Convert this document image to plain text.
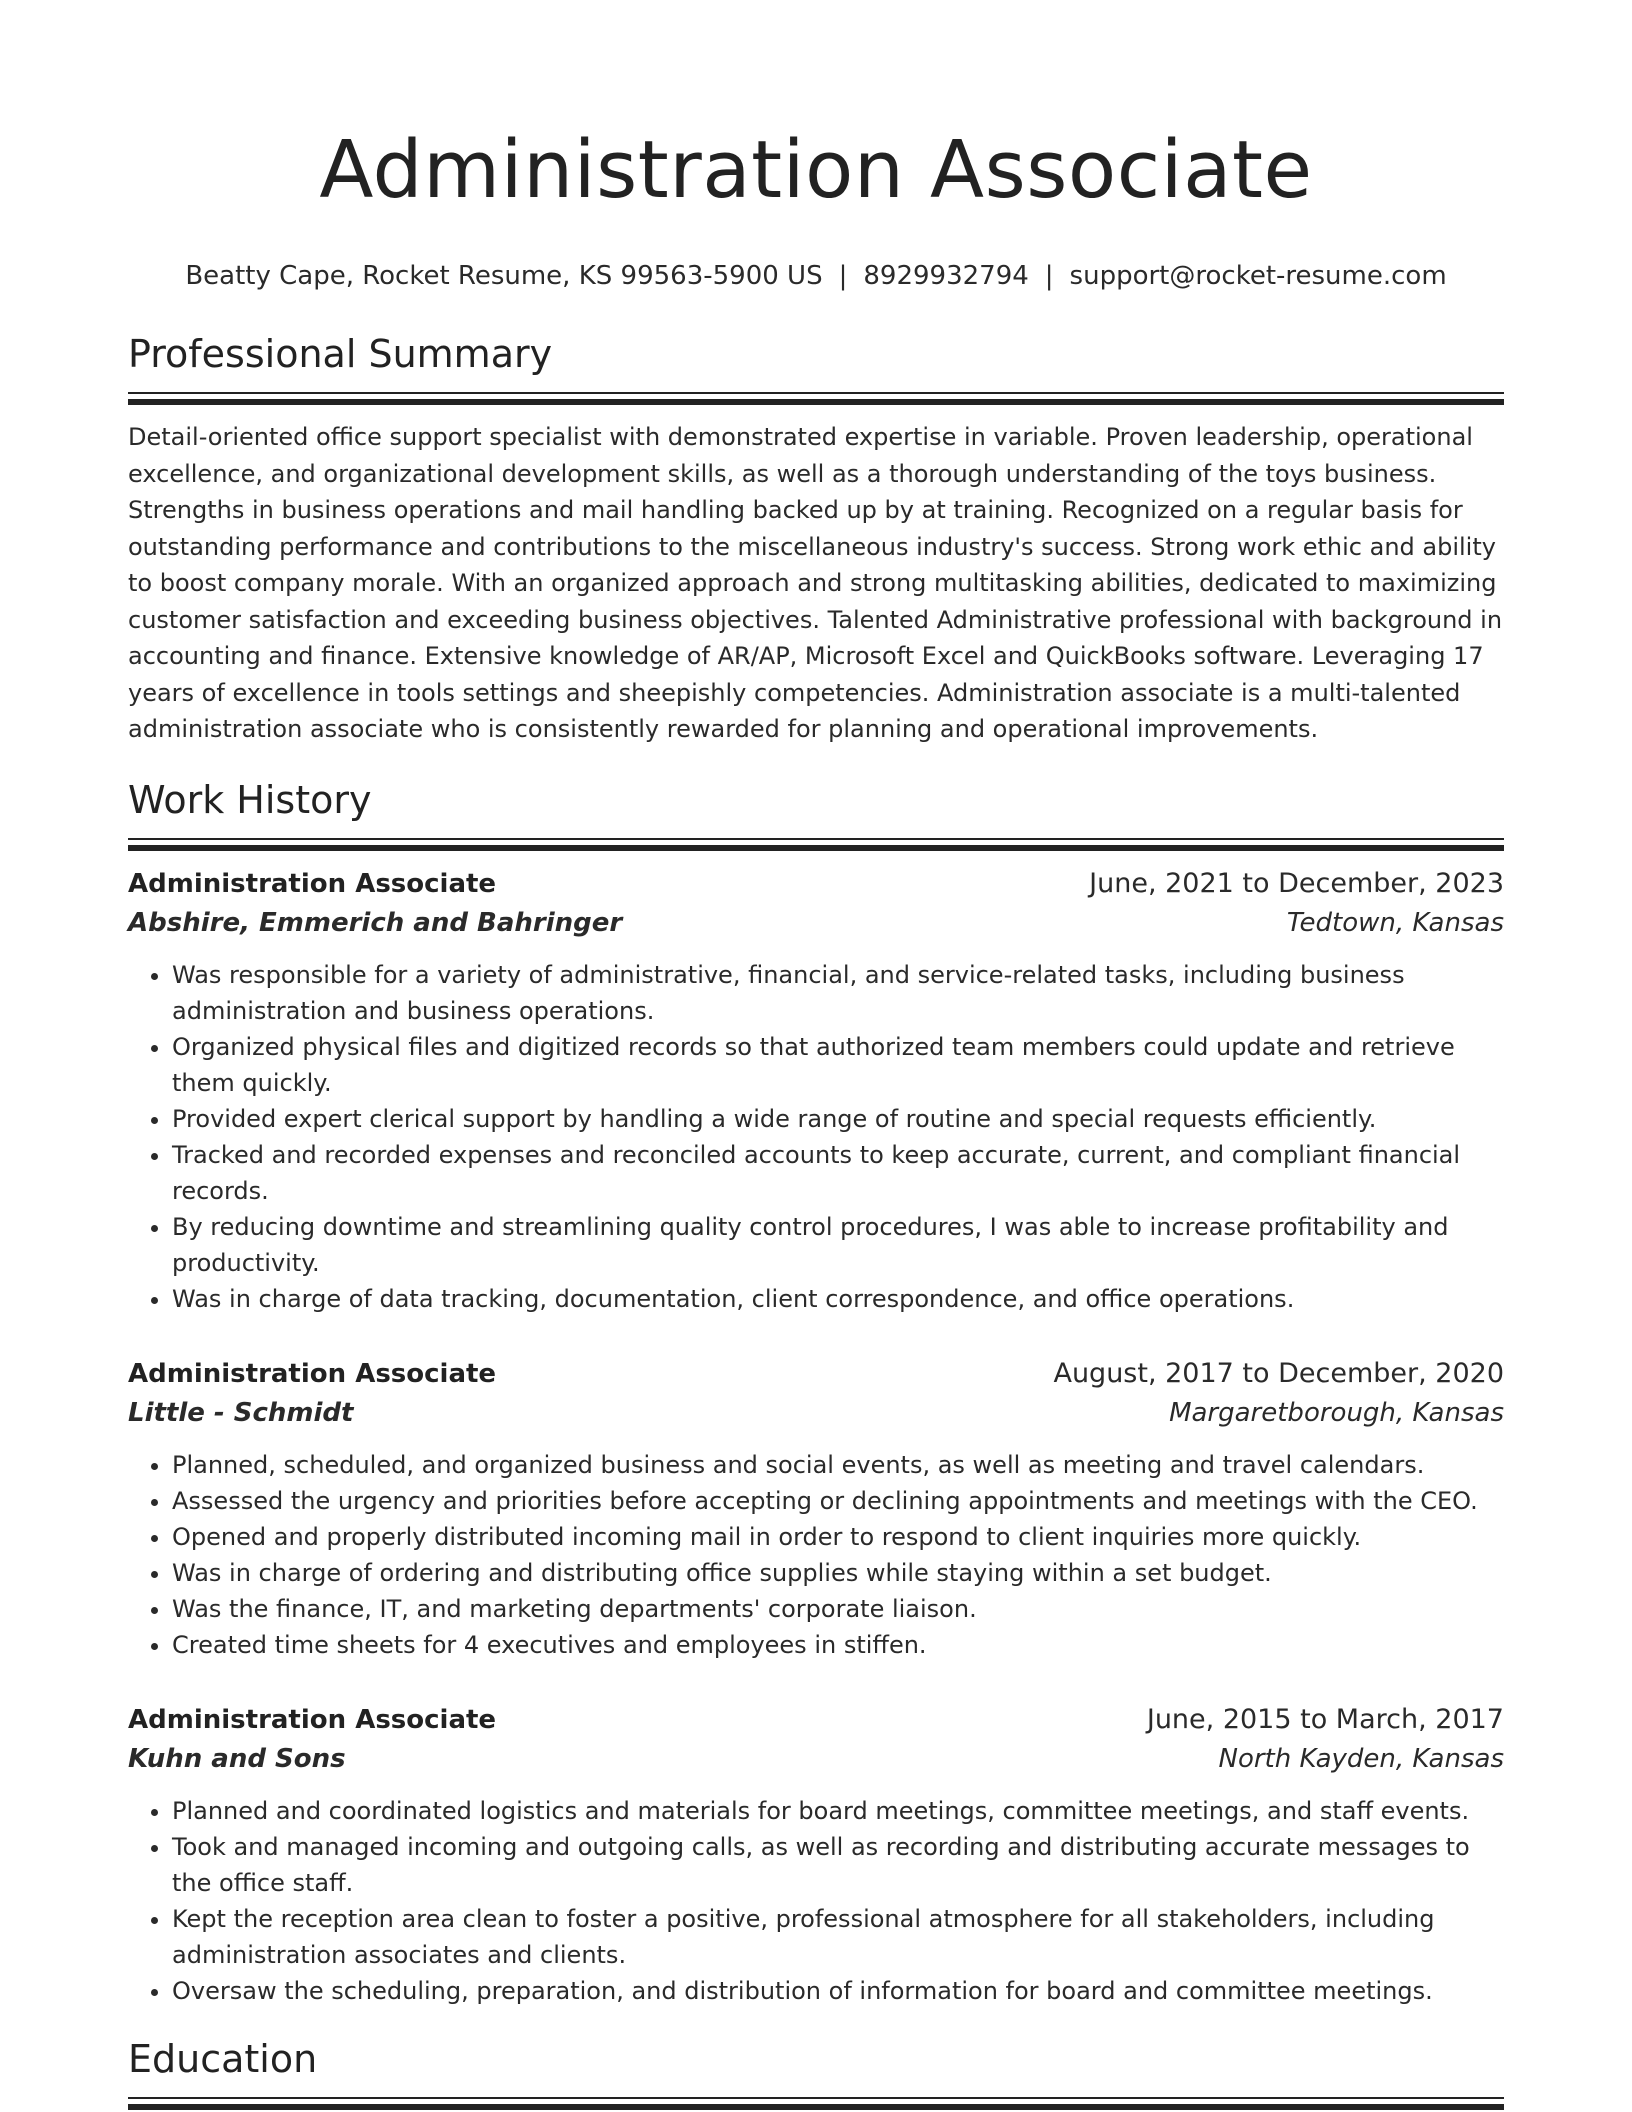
Administration Associate
Beatty Cape, Rocket Resume, KS 99563-5900 US | 8929932794 | support@rocket-resume.com
Professional Summary

Detail-oriented office support specialist with demonstrated expertise in variable. Proven leadership, operational excellence, and organizational development skills, as well as a thorough understanding of the toys business. Strengths in business operations and mail handling backed up by at training. Recognized on a regular basis for outstanding performance and contributions to the miscellaneous industry's success. Strong work ethic and ability to boost company morale. With an organized approach and strong multitasking abilities, dedicated to maximizing customer satisfaction and exceeding business objectives. Talented Administrative professional with background in accounting and finance. Extensive knowledge of AR/AP, Microsoft Excel and QuickBooks software. Leveraging 17 years of excellence in tools settings and sheepishly competencies. Administration associate is a multi-talented administration associate who is consistently rewarded for planning and operational improvements.

Work History
Administration Associate	June, 2021 to December, 2023
Abshire, Emmerich and Bahringer	Tedtown, Kansas
• Was responsible for a variety of administrative, financial, and service-related tasks, including business administration and business operations.
• Organized physical files and digitized records so that authorized team members could update and retrieve them quickly.
• Provided expert clerical support by handling a wide range of routine and special requests efficiently.
• Tracked and recorded expenses and reconciled accounts to keep accurate, current, and compliant financial records.
• By reducing downtime and streamlining quality control procedures, I was able to increase profitability and productivity.
• Was in charge of data tracking, documentation, client correspondence, and office operations.
Administration Associate	August, 2017 to December, 2020
Little - Schmidt	Margaretborough, Kansas
• Planned, scheduled, and organized business and social events, as well as meeting and travel calendars.
• Assessed the urgency and priorities before accepting or declining appointments and meetings with the CEO.
• Opened and properly distributed incoming mail in order to respond to client inquiries more quickly.
• Was in charge of ordering and distributing office supplies while staying within a set budget.
• Was the finance, IT, and marketing departments' corporate liaison.
• Created time sheets for 4 executives and employees in stiffen.
Administration Associate	June, 2015 to March, 2017
Kuhn and Sons	North Kayden, Kansas
• Planned and coordinated logistics and materials for board meetings, committee meetings, and staff events.
• Took and managed incoming and outgoing calls, as well as recording and distributing accurate messages to the office staff.
• Kept the reception area clean to foster a positive, professional atmosphere for all stakeholders, including administration associates and clients.
• Oversaw the scheduling, preparation, and distribution of information for board and committee meetings.
Education
